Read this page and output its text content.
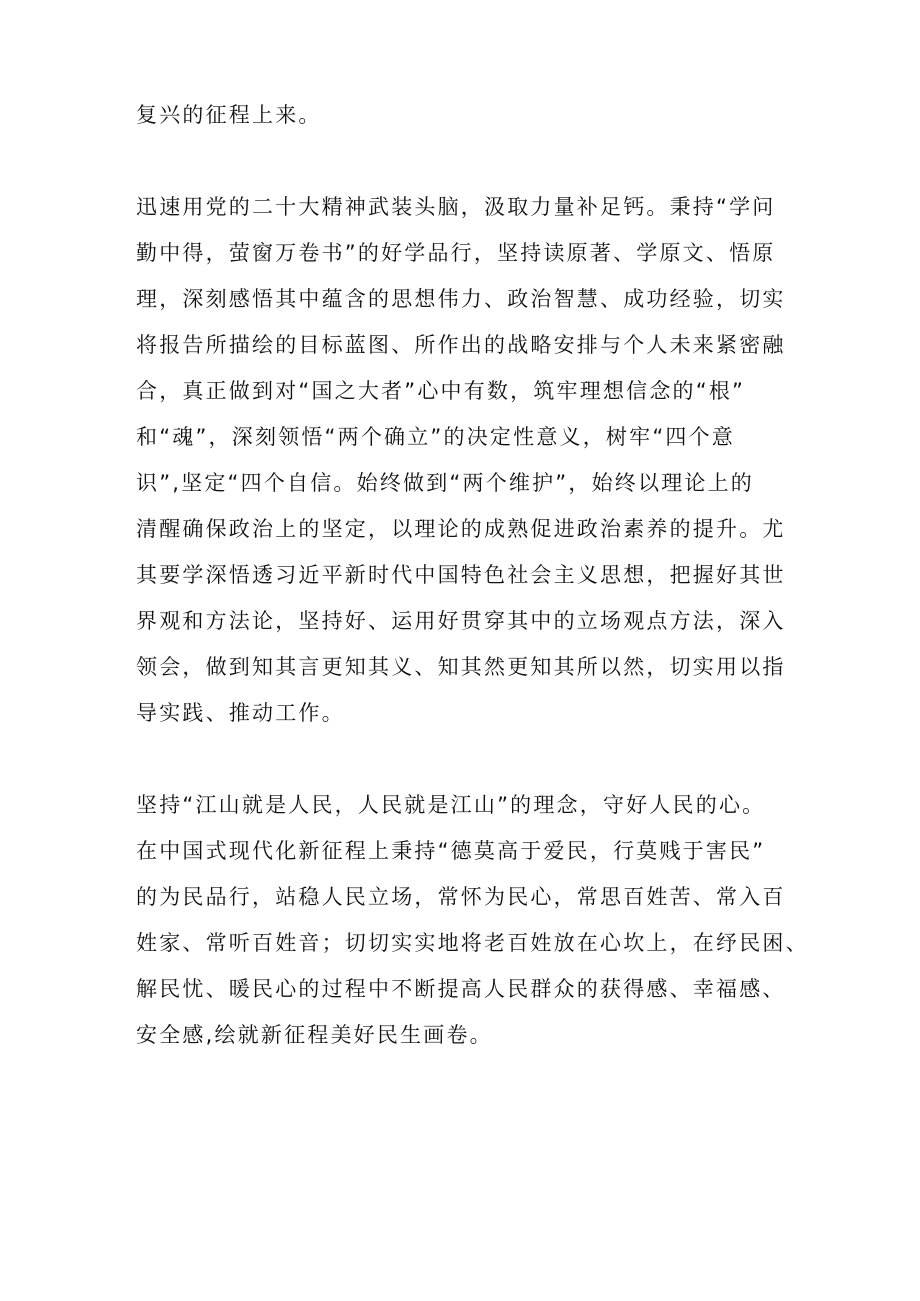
复兴的征程上来。
迅速用党的二十大精神武装头脑，汲取力量补足钙。秉持“学问
勤中得，萤窗万卷书”的好学品行，坚持读原著、学原文、悟原
理，深刻感悟其中蕴含的思想伟力、政治智慧、成功经验，切实
将报告所描绘的目标蓝图、所作出的战略安排与个人未来紧密融
合，真正做到对“国之大者”心中有数，筑牢理想信念的“根”
和“魂”，深刻领悟“两个确立”的决定性意义，树牢“四个意
识”,坚定“四个自信。始终做到“两个维护”，始终以理论上的
清醒确保政治上的坚定，以理论的成熟促进政治素养的提升。尤
其要学深悟透习近平新时代中国特色社会主义思想，把握好其世
界观和方法论，坚持好、运用好贯穿其中的立场观点方法，深入
领会，做到知其言更知其义、知其然更知其所以然，切实用以指
导实践、推动工作。
坚持“江山就是人民，人民就是江山”的理念，守好人民的心。
在中国式现代化新征程上秉持“德莫高于爱民，行莫贱于害民”
的为民品行，站稳人民立场，常怀为民心，常思百姓苦、常入百
姓家、常听百姓音；切切实实地将老百姓放在心坎上，在纾民困、
解民忧、暖民心的过程中不断提高人民群众的获得感、幸福感、
安全感,绘就新征程美好民生画卷。
